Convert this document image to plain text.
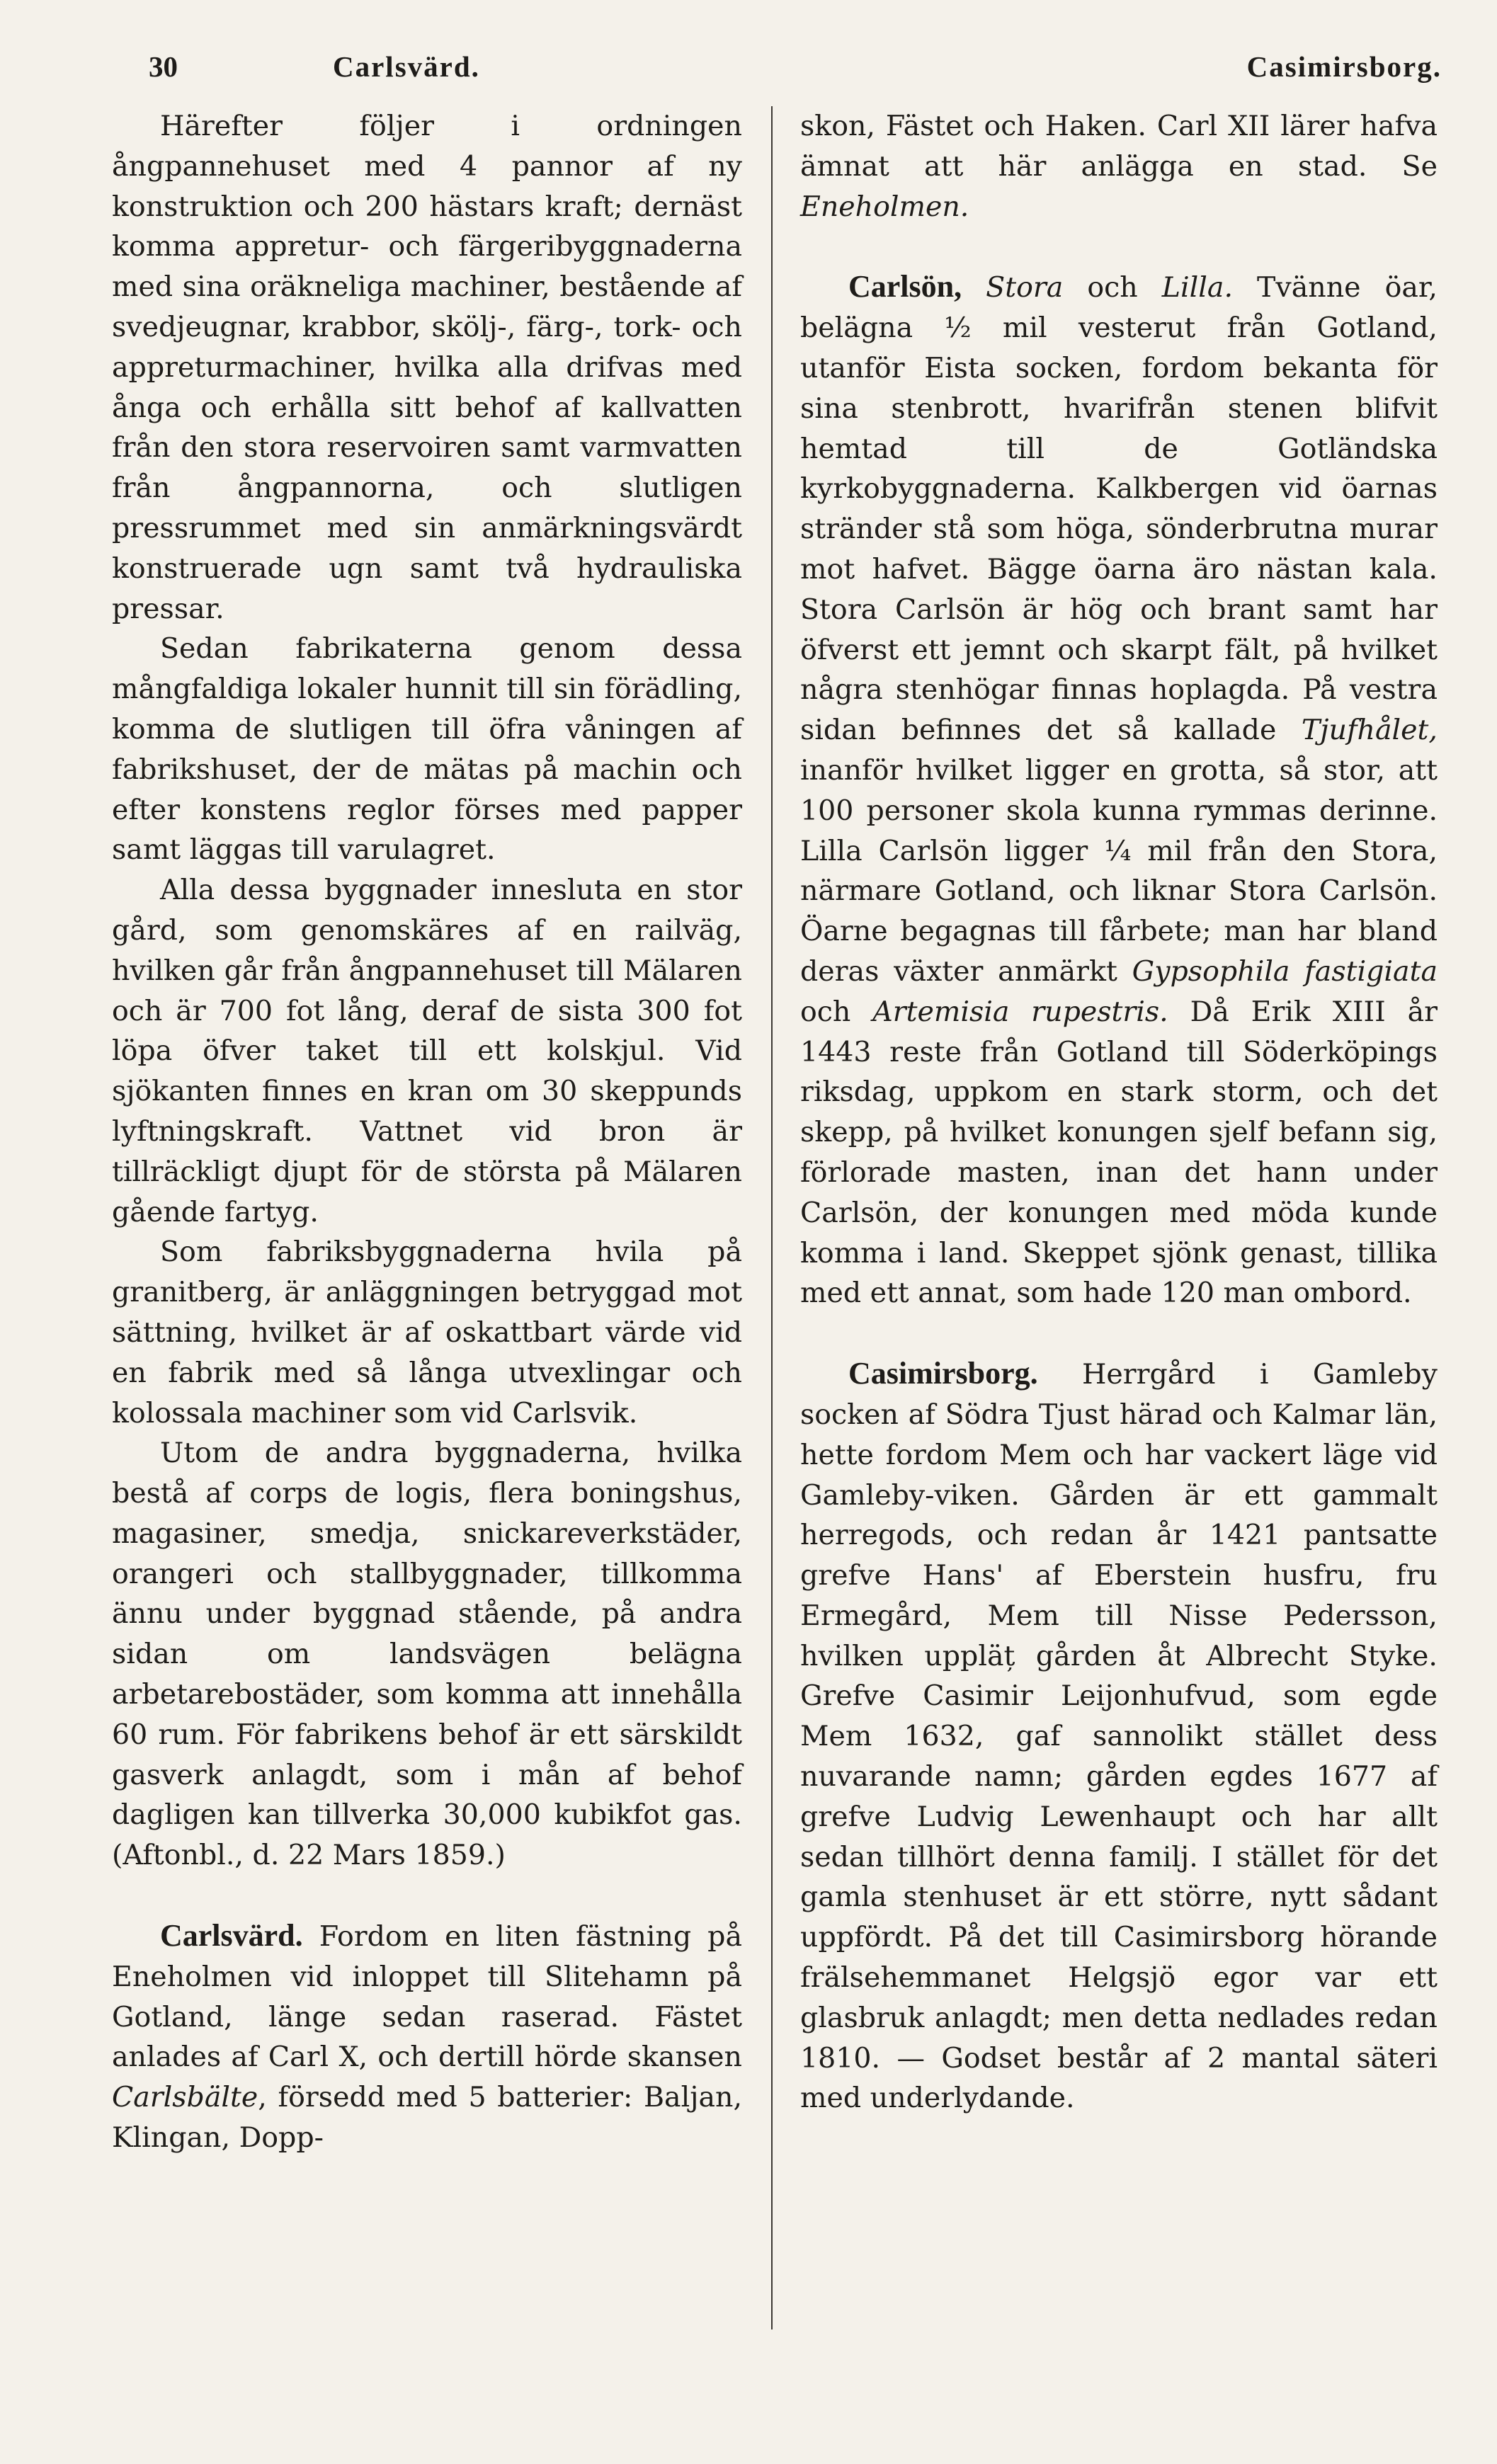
30	Carlsvärd.	Casimirsborg.

Härefter följer i ordningen ångpannehuset med 4 pannor af ny konstruktion och 200 hästars kraft; dernäst komma appretur- och färgeribyggnaderna med sina oräkneliga machiner, bestående af svedjeugnar, krabbor, skölj-, färg-, tork- och appreturmachiner, hvilka alla drifvas med ånga och erhålla sitt behof af kallvatten från den stora reservoiren samt varmvatten från ångpannorna, och slutligen pressrummet med sin anmärkningsvärdt konstruerade ugn samt två hydrauliska pressar.

Sedan fabrikaterna genom dessa mångfaldiga lokaler hunnit till sin förädling, komma de slutligen till öfra våningen af fabrikshuset, der de mätas på machin och efter konstens reglor förses med papper samt läggas till varulagret.

Alla dessa byggnader innesluta en stor gård, som genomskäres af en railväg, hvilken går från ångpannehuset till Mälaren och är 700 fot lång, deraf de sista 300 fot löpa öfver taket till ett kolskjul. Vid sjökanten finnes en kran om 30 skeppunds lyftningskraft. Vattnet vid bron är tillräckligt djupt för de största på Mälaren gående fartyg.

Som fabriksbyggnaderna hvila på granitberg, är anläggningen betryggad mot sättning, hvilket är af oskattbart värde vid en fabrik med så långa utvexlingar och kolossala machiner som vid Carlsvik.

Utom de andra byggnaderna, hvilka bestå af corps de logis, flera boningshus, magasiner, smedja, snickareverkstäder, orangeri och stallbyggnader, tillkomma ännu under byggnad stående, på andra sidan om landsvägen belägna arbetarebostäder, som komma att innehålla 60 rum. För fabrikens behof är ett särskildt gasverk anlagdt, som i mån af behof dagligen kan tillverka 30,000 kubikfot gas. (Aftonbl., d. 22 Mars 1859.)

Carlsvärd. Fordom en liten fästning på Eneholmen vid inloppet till Slitehamn på Gotland, länge sedan raserad. Fästet anlades af Carl X, och dertill hörde skansen Carlsbälte, försedd med 5 batterier: Baljan, Klingan, Dopp-

skon, Fästet och Haken. Carl XII lärer hafva ämnat att här anlägga en stad. Se Eneholmen.

Carlsön, Stora och Lilla. Tvänne öar, belägna ½ mil vesterut från Gotland, utanför Eista socken, fordom bekanta för sina stenbrott, hvarifrån stenen blifvit hemtad till de Gotländska kyrkobyggnaderna. Kalkbergen vid öarnas stränder stå som höga, sönderbrutna murar mot hafvet. Bägge öarna äro nästan kala. Stora Carlsön är hög och brant samt har öfverst ett jemnt och skarpt fält, på hvilket några stenhögar finnas hoplagda. På vestra sidan befinnes det så kallade Tjufhålet, inanför hvilket ligger en grotta, så stor, att 100 personer skola kunna rymmas derinne. Lilla Carlsön ligger ¼ mil från den Stora, närmare Gotland, och liknar Stora Carlsön. Öarne begagnas till fårbete; man har bland deras växter anmärkt Gypsophila fastigiata och Artemisia rupestris. Då Erik XIII år 1443 reste från Gotland till Söderköpings riksdag, uppkom en stark storm, och det skepp, på hvilket konungen sjelf befann sig, förlorade masten, inan det hann under Carlsön, der konungen med möda kunde komma i land. Skeppet sjönk genast, tillika med ett annat, som hade 120 man ombord.

Casimirsborg. Herrgård i Gamleby socken af Södra Tjust härad och Kalmar län, hette fordom Mem och har vackert läge vid Gamleby-viken. Gården är ett gammalt herregods, och redan år 1421 pantsatte grefve Hans' af Eberstein husfru, fru Ermegård, Mem till Nisse Pedersson, hvilken uppläț gården åt Albrecht Styke. Grefve Casimir Leijonhufvud, som egde Mem 1632, gaf sannolikt stället dess nuvarande namn; gården egdes 1677 af grefve Ludvig Lewenhaupt och har allt sedan tillhört denna familj. I stället för det gamla stenhuset är ett större, nytt sådant uppfördt. På det till Casimirsborg hörande frälsehemmanet Helgsjö egor var ett glasbruk anlagdt; men detta nedlades redan 1810. — Godset består af 2 mantal säteri med underlydande.
